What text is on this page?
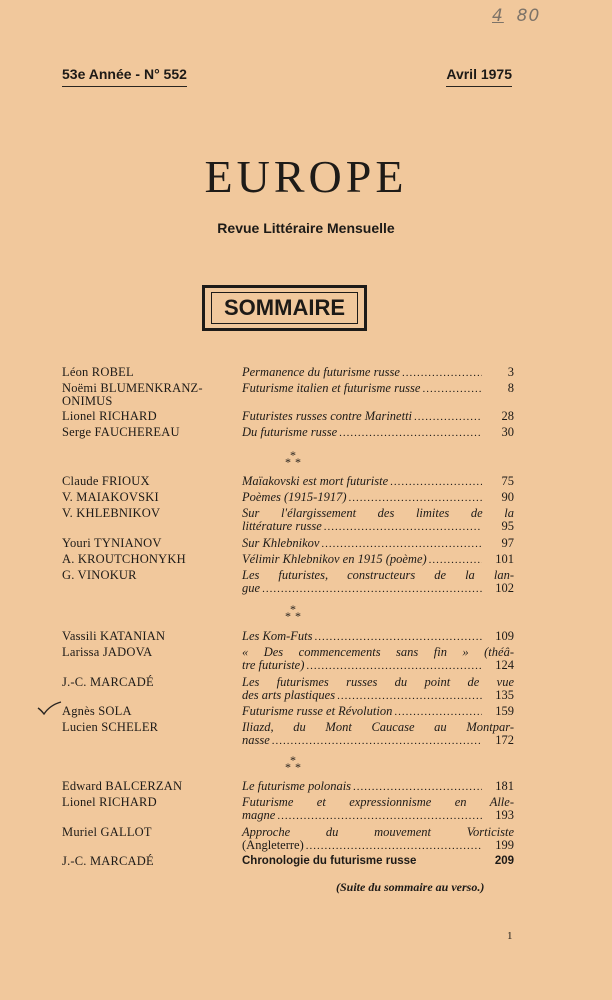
4 80
53e Année - N° 552	Avril 1975
EUROPE
Revue Littéraire Mensuelle
SOMMAIRE
Léon ROBEL	Permanence du futurisme russe .....	3
Noëmi BLUMENKRANZ-ONIMUS
Futurisme italien et futurisme russe .....	8
Lionel RICHARD	Futuristes russes contre Marinetti .....	28
Serge FAUCHEREAU	Du futurisme russe .....	30
Claude FRIOUX	Maïakovski est mort futuriste .....	75
V. MAIAKOVSKI	Poèmes (1915-1917) .....	90
V. KHLEBNIKOV	Sur l'élargissement des limites de la
littérature russe .....	95
Youri TYNIANOV	Sur Khlebnikov .....	97
A. KROUTCHONYKH	Vélimir Khlebnikov en 1915 (poème) .....	101
G. VINOKUR	Les futuristes, constructeurs de la lan-
gue .....	102
Vassili KATANIAN	Les Kom-Futs .....	109
Larissa JADOVA	« Des commencements sans fin » (théâ-
tre futuriste) .....	124
J.-C. MARCADÉ	Les futurismes russes du point de vue
des arts plastiques .....	135
Agnès SOLA	Futurisme russe et Révolution .....	159
Lucien SCHELER	Iliazd, du Mont Caucase au Montpar-
nasse .....	172
Edward BALCERZAN	Le futurisme polonais .....	181
Lionel RICHARD	Futurisme et expressionnisme en Alle-
magne .....	193
Muriel GALLOT	Approche du mouvement Vorticiste
(Angleterre) .....	199
J.-C. MARCADÉ	Chronologie du futurisme russe	209
*
* *
*
* *
*
* *
(Suite du sommaire au verso.)
1
